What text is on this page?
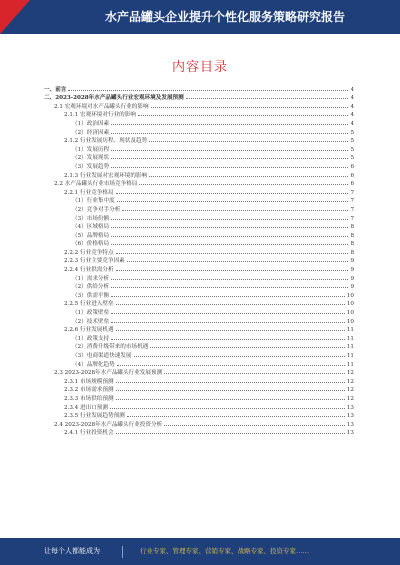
水产品罐头企业提升个性化服务策略研究报告
内容目录
一、前言	4
二、2023-2028年水产品罐头行业宏观环境及发展预测	4
2.1 宏观环境对水产品罐头行业的影响	4
2.1.1 宏观环境对行业的影响	4
（1）政治因素	4
（2）经济因素	5
2.1.2 行业发展历程、现状及趋势	5
（1）发展历程	5
（2）发展现状	5
（3）发展趋势	6
2.1.3 行业发展对宏观环境的影响	6
2.2 水产品罐头行业市场竞争格局	6
2.2.1 行业竞争格局	7
（1）行业集中度	7
（2）竞争对手分析	7
（3）市场份额	7
（4）区域格局	8
（5）品牌格局	8
（6）价格格局	8
2.2.2 行业竞争特点	8
2.2.3 行业主要竞争因素	9
2.2.4 行业供需分析	9
（1）需求分析	9
（2）供给分析	9
（3）供需平衡	10
2.2.5 行业进入壁垒	10
（1）政策壁垒	10
（2）技术壁垒	10
2.2.6 行业发展机遇	11
（1）政策支持	11
（2）消费升级带来的市场机遇	11
（3）电商渠道快速发展	11
（4）品牌化趋势	11
2.3 2023-2028年水产品罐头行业发展预测	12
2.3.1 市场规模预测	12
2.3.2 市场需求预测	12
2.3.3 市场供给预测	12
2.3.4 进出口预测	13
2.3.5 行业发展趋势预测	13
2.4 2023-2028年水产品罐头行业投资分析	13
2.4.1 行业投资机会	13
让每个人都能成为	行业专家、管理专家、营销专家、战略专家、投资专家……
